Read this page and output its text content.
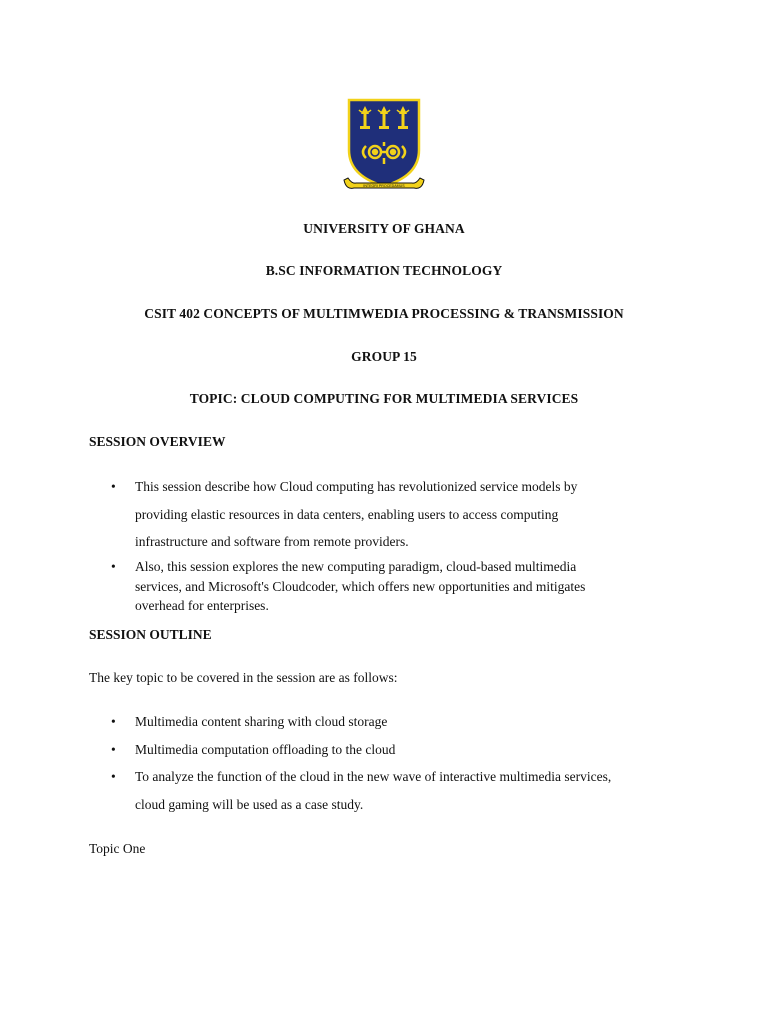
INTEGRI PROCEDAMUS
UNIVERSITY OF GHANA
B.SC INFORMATION TECHNOLOGY
CSIT 402 CONCEPTS OF MULTIMWEDIA PROCESSING & TRANSMISSION
GROUP 15
TOPIC: CLOUD COMPUTING FOR MULTIMEDIA SERVICES
SESSION OVERVIEW
• This session describe how Cloud computing has revolutionized service models by
providing elastic resources in data centers, enabling users to access computing
infrastructure and software from remote providers.
• Also, this session explores the new computing paradigm, cloud-based multimedia
services, and Microsoft's Cloudcoder, which offers new opportunities and mitigates
overhead for enterprises.
SESSION OUTLINE
The key topic to be covered in the session are as follows:
• Multimedia content sharing with cloud storage
• Multimedia computation offloading to the cloud
• To analyze the function of the cloud in the new wave of interactive multimedia services,
cloud gaming will be used as a case study.
Topic One
